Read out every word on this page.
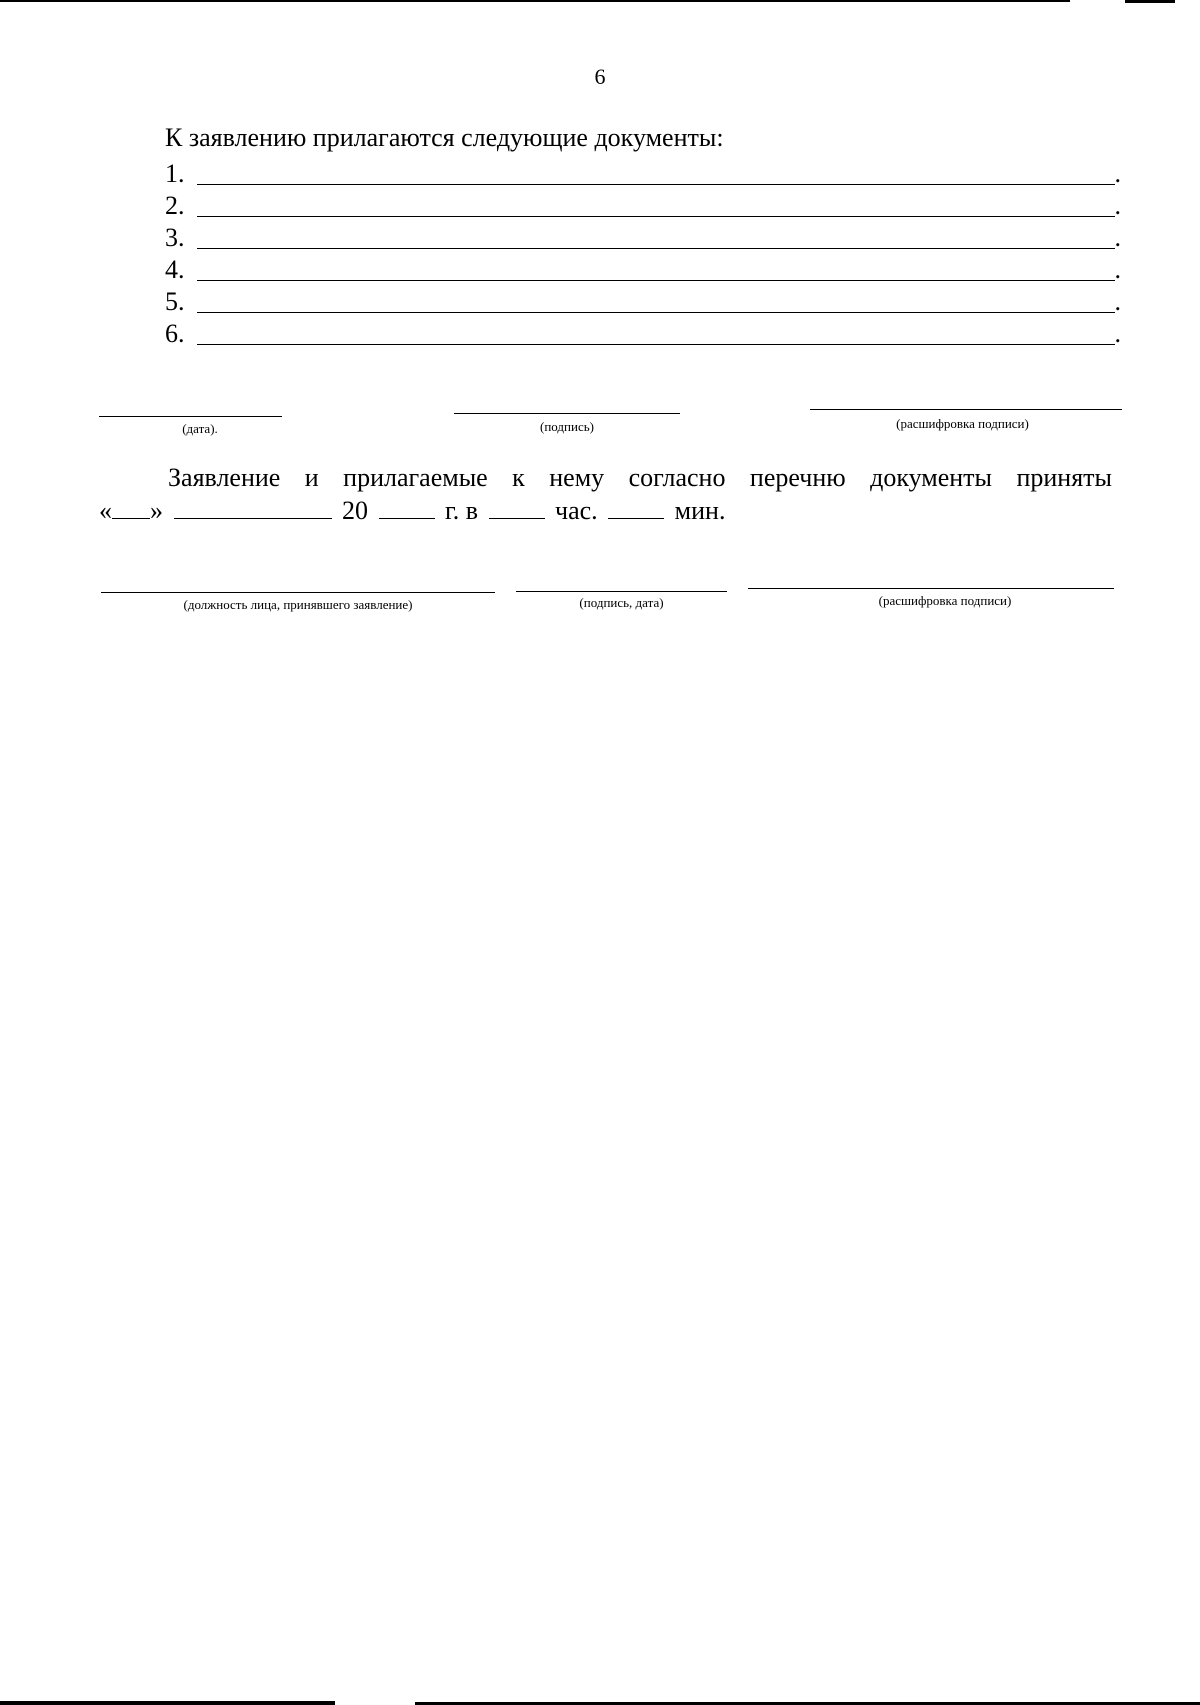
6
К заявлению прилагаются следующие документы:
1.	.
2.	.
3.	.
4.	.
5.	.
6.	.
(дата).	(подпись)	(расшифровка подписи)
Заявление и прилагаемые к нему согласно перечню документы приняты
« »	20	г. в	час.	мин.
(должность лица, принявшего заявление)	(подпись, дата)	(расшифровка подписи)
